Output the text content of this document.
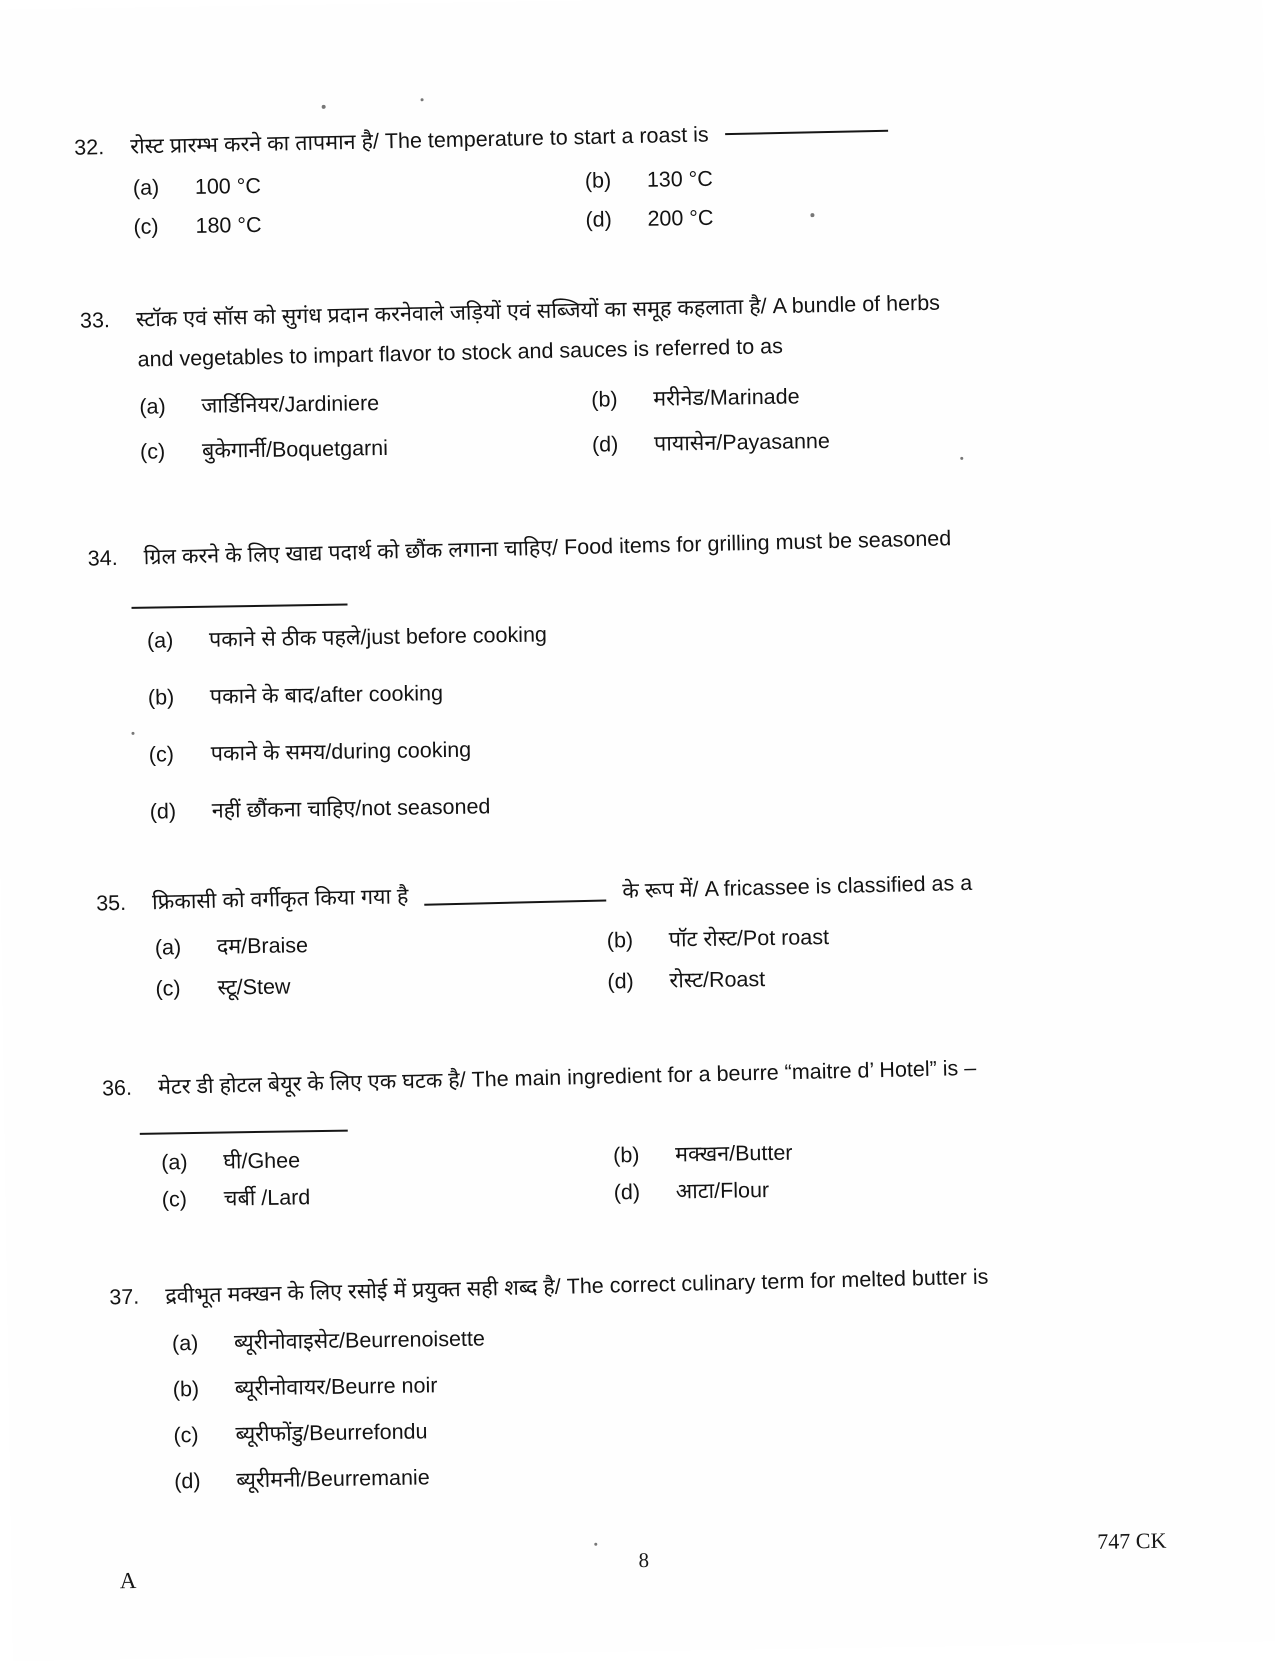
32.	रोस्ट प्रारम्भ करने का तापमान है/ The temperature to start a roast is
(a)	100 °C	(b)	130 °C
(c)	180 °C	(d)	200 °C
33.	स्टॉक एवं सॉस को सुगंध प्रदान करनेवाले जड़ियों एवं सब्जियों का समूह कहलाता है/ A bundle of herbs
and vegetables to impart flavor to stock and sauces is referred to as
(a)	जार्डिनियर/Jardiniere	(b)	मरीनेड/Marinade
(c)	बुकेगार्नी/Boquetgarni	(d)	पायासेन/Payasanne
34.	ग्रिल करने के लिए खाद्य पदार्थ को छौंक लगाना चाहिए/ Food items for grilling must be seasoned
(a)	पकाने से ठीक पहले/just before cooking
(b)	पकाने के बाद/after cooking
(c)	पकाने के समय/during cooking
(d)	नहीं छौंकना चाहिए/not seasoned
35.	फ्रिकासी को वर्गीकृत किया गया है	के रूप में/ A fricassee is classified as a
(a)	दम/Braise	(b)	पॉट रोस्ट/Pot roast
(c)	स्टू/Stew	(d)	रोस्ट/Roast
36.	मेटर डी होटल बेयूर के लिए एक घटक है/ The main ingredient for a beurre “maitre d’ Hotel” is –
(a)	घी/Ghee	(b)	मक्खन/Butter
(c)	चर्बी /Lard	(d)	आटा/Flour
37.	द्रवीभूत मक्खन के लिए रसोई में प्रयुक्त सही शब्द है/ The correct culinary term for melted butter is
(a)	ब्यूरीनोवाइसेट/Beurrenoisette
(b)	ब्यूरीनोवायर/Beurre noir
(c)	ब्यूरीफोंडु/Beurrefondu
(d)	ब्यूरीमनी/Beurremanie
A
8
747 CK
